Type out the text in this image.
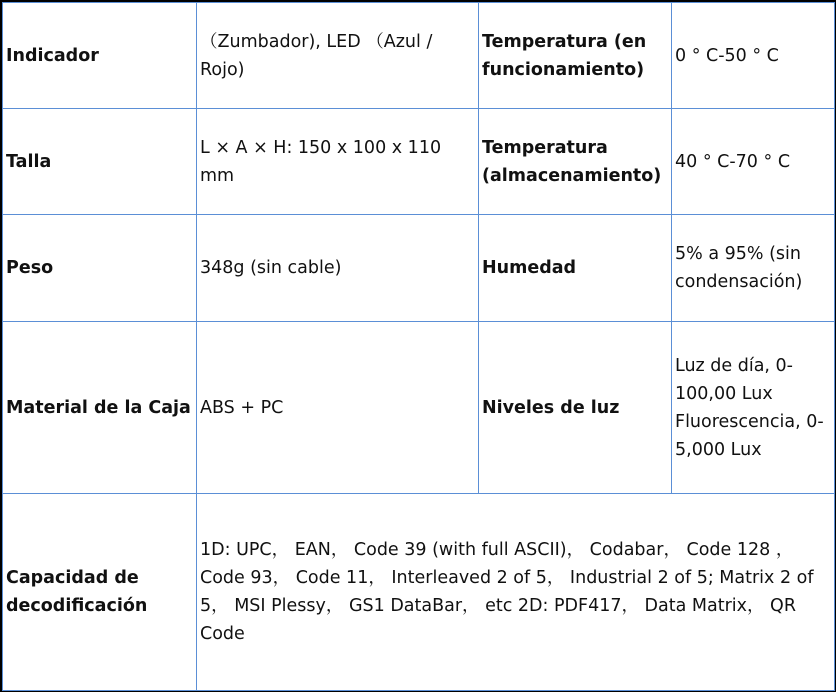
Indicador	（Zumbador), LED （Azul / Rojo)	Temperatura (en funcionamiento)	0 ° C-50 ° C
Talla	L × A × H: 150 x 100 x 110 mm	Temperatura (almacenamiento)	40 ° C-70 ° C
Peso	348g (sin cable)	Humedad	5% a 95% (sin condensación)
Material de la Caja	ABS + PC	Niveles de luz	Luz de día, 0-100,00 Lux Fluorescencia, 0-5,000 Lux
Capacidad de decodificación	1D: UPC， EAN， Code 39 (with full ASCII)， Codabar， Code 128 ， Code 93， Code 11， Interleaved 2 of 5， Industrial 2 of 5; Matrix 2 of 5， MSI Plessy， GS1 DataBar， etc 2D: PDF417， Data Matrix， QR Code		
